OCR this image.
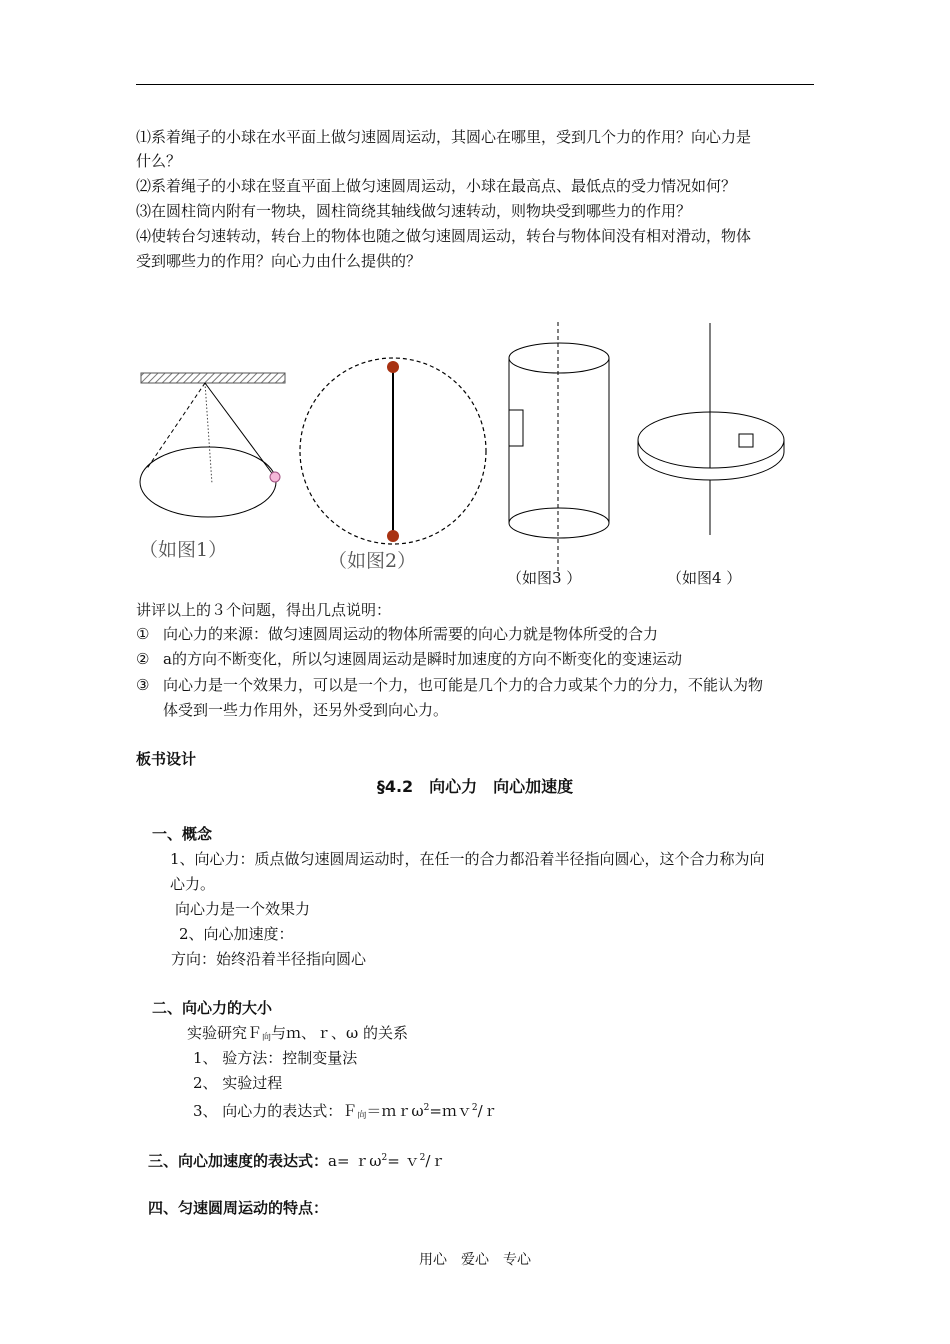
⑴系着绳子的小球在水平面上做匀速圆周运动，其圆心在哪里，受到几个力的作用？向心力是
什么？
⑵系着绳子的小球在竖直平面上做匀速圆周运动，小球在最高点、最低点的受力情况如何？
⑶在圆柱筒内附有一物块，圆柱筒绕其轴线做匀速转动，则物块受到哪些力的作用？
⑷使转台匀速转动，转台上的物体也随之做匀速圆周运动，转台与物体间没有相对滑动，物体
受到哪些力的作用？向心力由什么提供的？
（如图1）	（如图2）
（如图3 ）	（如图4 ）
讲评以上的３个问题，得出几点说明：
① 向心力的来源：做匀速圆周运动的物体所需要的向心力就是物体所受的合力
② a的方向不断变化，所以匀速圆周运动是瞬时加速度的方向不断变化的变速运动
③ 向心力是一个效果力，可以是一个力，也可能是几个力的合力或某个力的分力，不能认为物
体受到一些力作用外，还另外受到向心力。
板书设计
§4.2　向心力　向心加速度
一、概念
1、向心力：质点做匀速圆周运动时，在任一的合力都沿着半径指向圆心，这个合力称为向
心力。
向心力是一个效果力
2、向心加速度：
方向：始终沿着半径指向圆心
二、向心力的大小
实验研究Ｆ$_向$与ｍ、ｒ、ω 的关系
1、 验方法：控制变量法
2、 实验过程
3、 向心力的表达式：Ｆ$_向$＝ｍｒω$^2$=ｍｖ$^2$/ｒ
三、向心加速度的表达式：a= ｒω$^2$= ｖ$^2$/ｒ
四、匀速圆周运动的特点：
用心　爱心　专心
